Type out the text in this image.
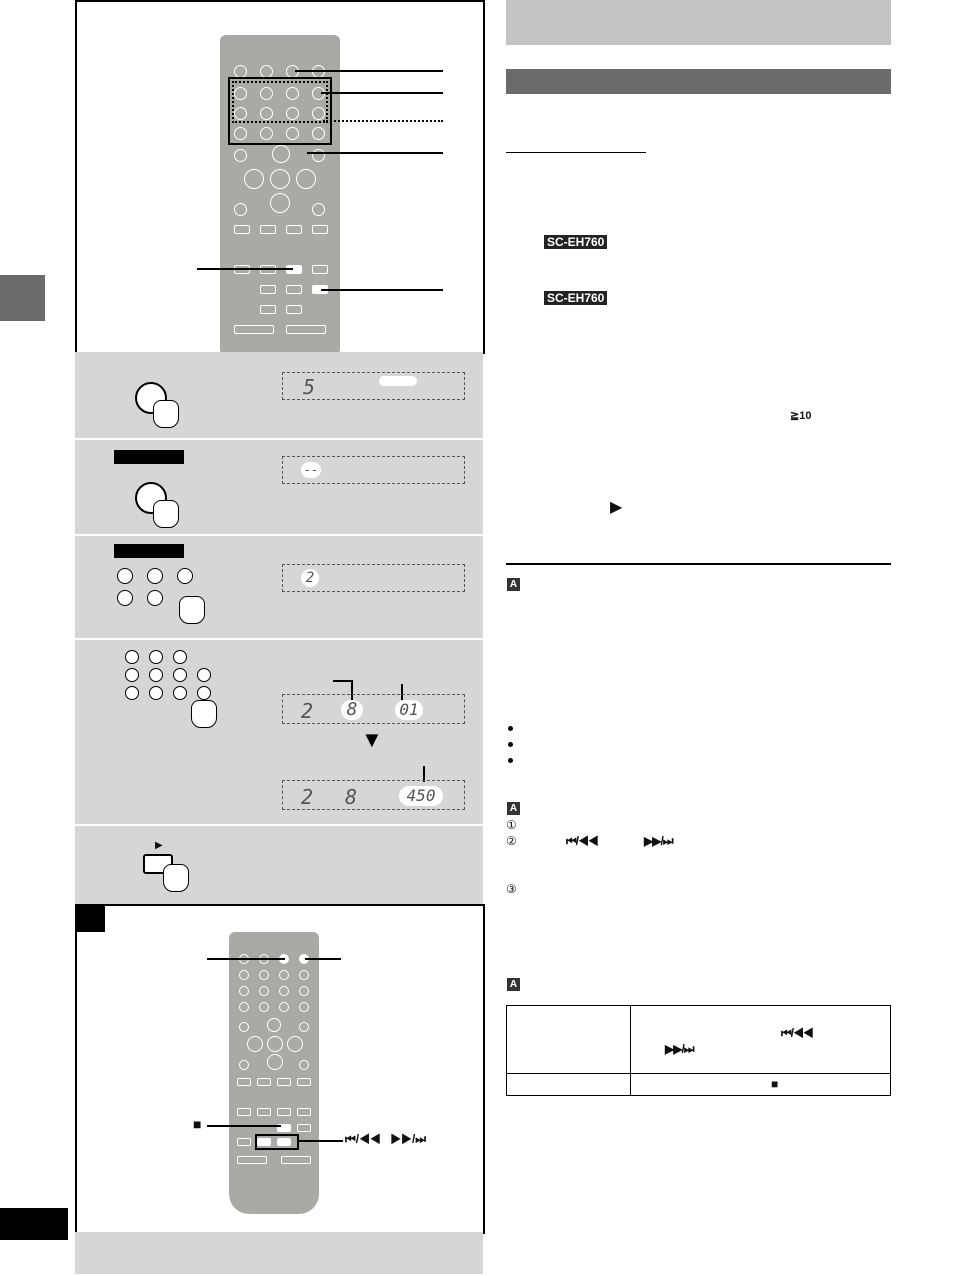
5
--
2
2	8	01
▼
2 8	450
▶
■
⏮/◀◀   ▶▶/⏭
SC-EH760
SC-EH760
≧10
▶
A
A
①
②	⏮/◀◀	▶▶/⏭
③
A

	⏮/◀◀
▶▶/⏭

	■
